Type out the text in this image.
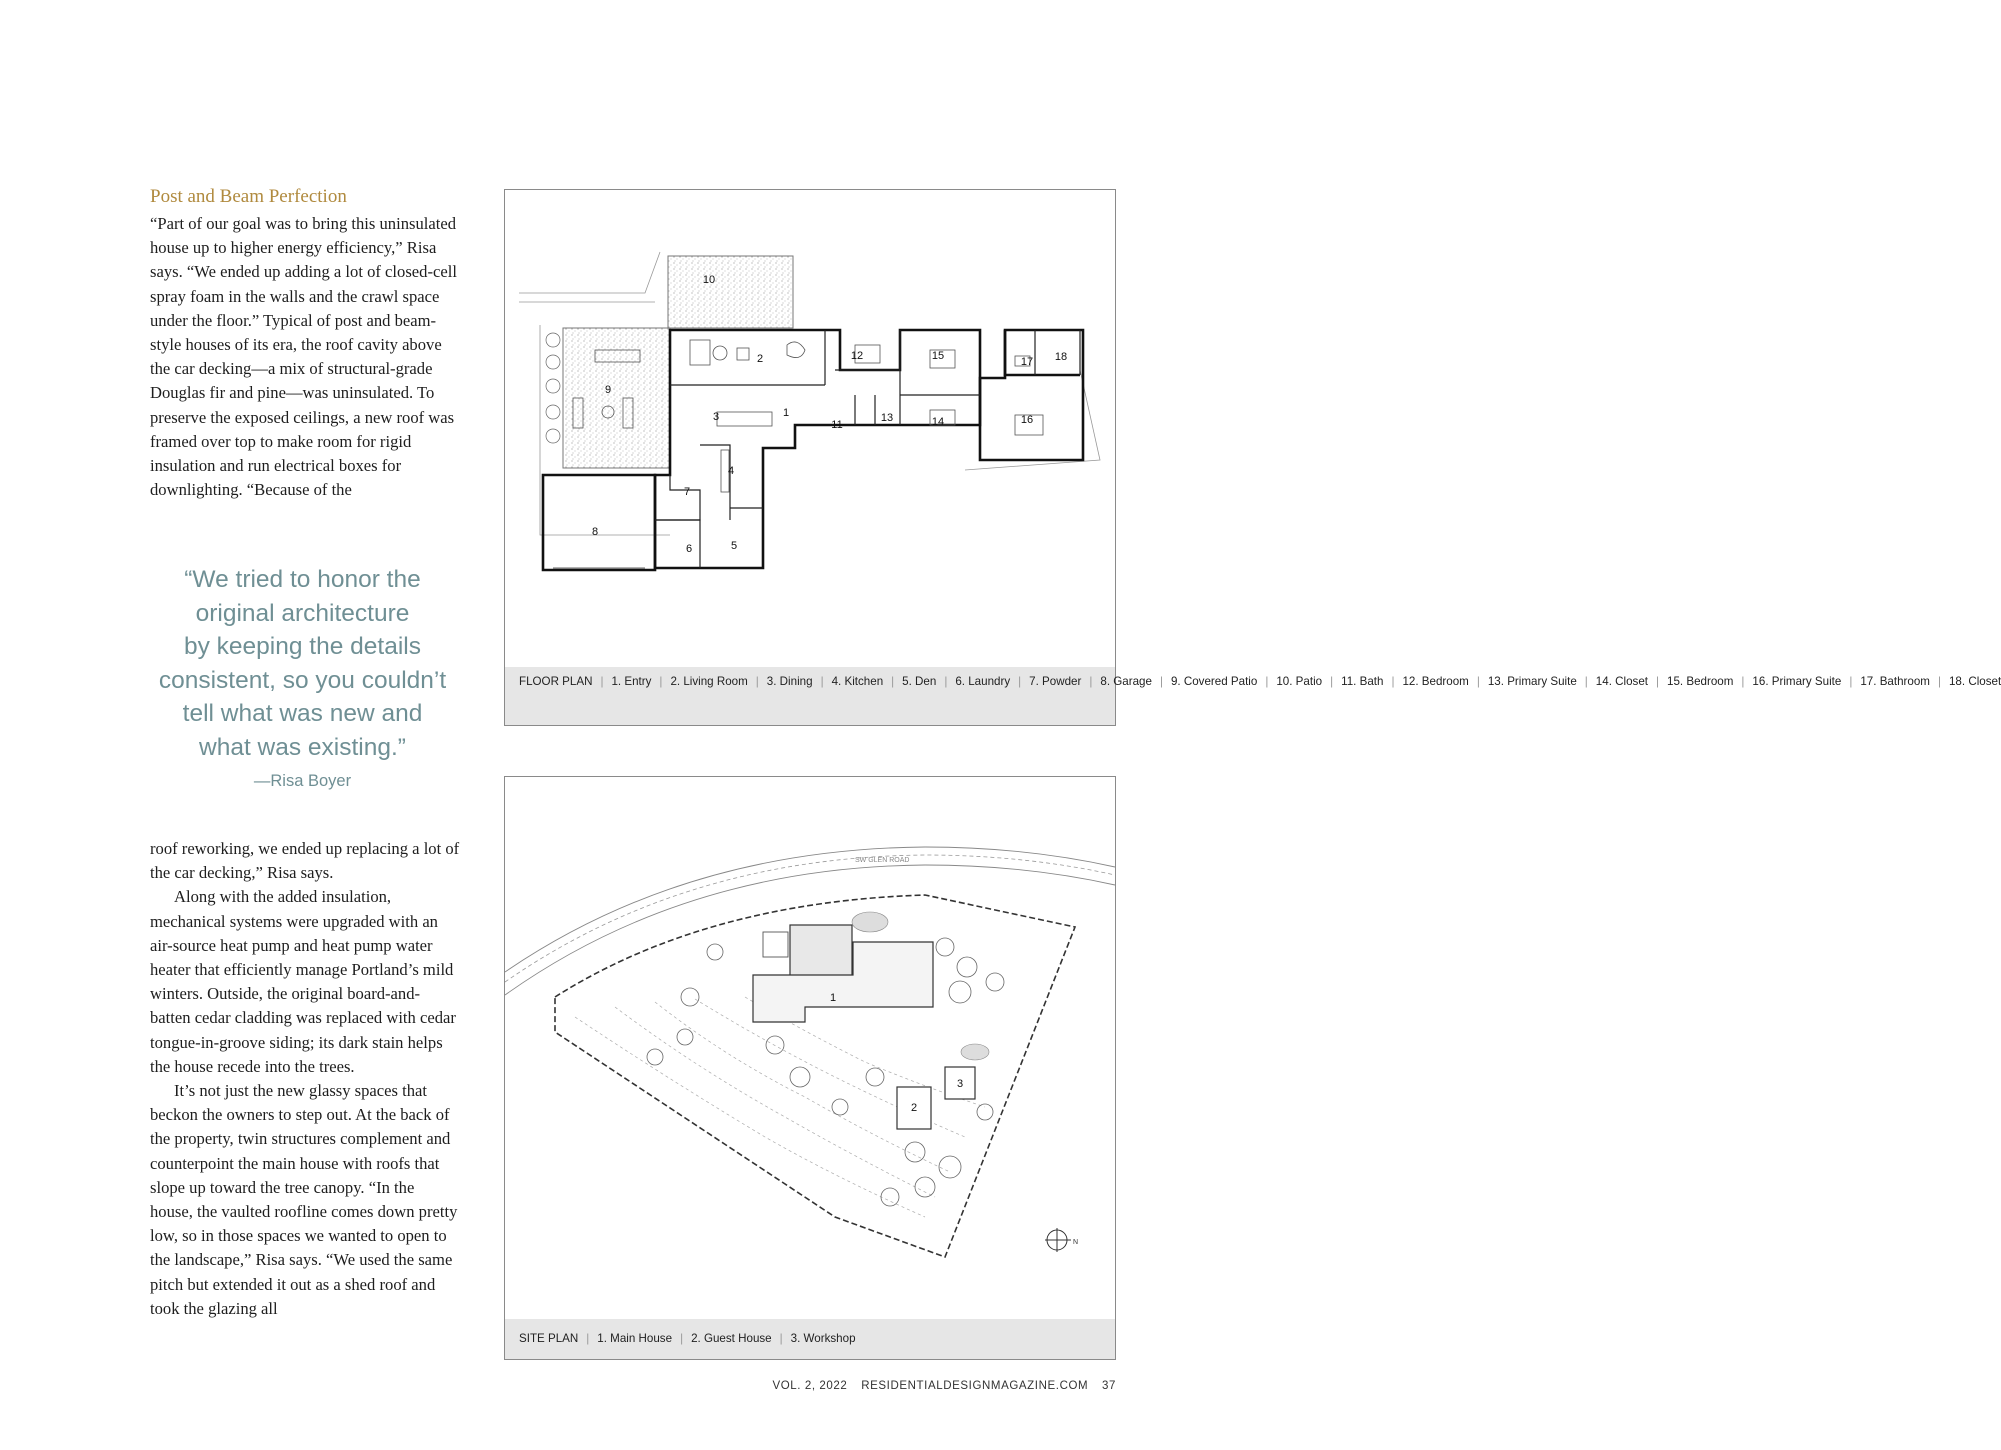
Post and Beam Perfection

“Part of our goal was to bring this uninsulated house up to higher energy efficiency,” Risa says. “We ended up adding a lot of closed-cell spray foam in the walls and the crawl space under the floor.” Typical of post and beam-style houses of its era, the roof cavity above the car decking—a mix of structural-grade Douglas fir and pine—was uninsulated. To preserve the exposed ceilings, a new roof was framed over top to make room for rigid insulation and run electrical boxes for downlighting. “Because of the

“We tried to honor the
original architecture
by keeping the details
consistent, so you couldn’t
tell what was new and
what was existing.”
—Risa Boyer

roof reworking, we ended up replacing a lot of the car decking,” Risa says.

Along with the added insulation, mechanical systems were upgraded with an air-source heat pump and heat pump water heater that efficiently manage Portland’s mild winters. Outside, the original board-and-batten cedar cladding was replaced with cedar tongue-in-groove siding; its dark stain helps the house recede into the trees.

It’s not just the new glassy spaces that beckon the owners to step out. At the back of the property, twin structures complement and counterpoint the main house with roofs that slope up toward the tree canopy. “In the house, the vaulted roofline comes down pretty low, so in those spaces we wanted to open to the landscape,” Risa says. “We used the same pitch but extended it out as a shed roof and took the glazing all

1
2
3
4
5
6
7
8
9
10
11
12
13	14
15
16
17 18
FLOOR PLAN | 1. Entry | 2. Living Room | 3. Dining | 4. Kitchen | 5. Den | 6. Laundry | 7. Powder | 8. Garage | 9. Covered Patio | 10. Patio | 11. Bath | 12. Bedroom | 13. Primary Suite | 14. Closet | 15. Bedroom | 16. Primary Suite | 17. Bathroom | 18. Closet
SW GLEN ROAD
1
2
3
N
SITE PLAN | 1. Main House | 2. Guest House | 3. Workshop
VOL. 2, 2022 RESIDENTIALDESIGNMAGAZINE.COM 37
